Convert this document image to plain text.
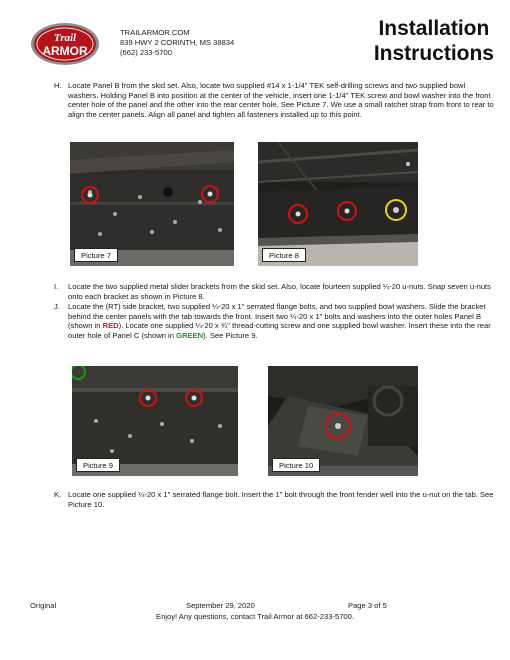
Trail
ARMOR
TRAILARMOR.COM
839 HWY 2 CORINTH, MS 38834
(662) 233-5700
Installation
Instructions
H. Locate Panel B from the skid set. Also, locate two supplied #14 x 1-1/4" TEK self-drilling screws and two supplied bowl washers. Holding Panel B into position at the center of the vehicle, insert one 1-1/4" TEK screw and bowl washer into the front center hole of the panel and the other into the rear center hole. See Picture 7. We use a small ratchet strap from front to rear to align the center panels. Align all panel and tighten all fasteners installed up to this point.
Picture 7	Picture 8
I. Locate the two supplied metal slider brackets from the skid set. Also, locate fourteen supplied ¼-20 u-nuts. Snap seven u-nuts onto each bracket as shown in Picture 8.
J. Locate the (RT) side bracket, two supplied ¼-20 x 1" serrated flange bolts, and two supplied bowl washers. Slide the bracket behind the center panels with the tab towards the front. Insert two ¼-20 x 1" bolts and washers into the outer holes Panel B (shown in RED). Locate one supplied ¼-20 x ¾" thread-cutting screw and one supplied bowl washer. Insert these into the rear outer hole of Panel C (shown in GREEN). See Picture 9.
Picture 9	Picture 10
K. Locate one supplied ¼-20 x 1" serrated flange bolt. Insert the 1" bolt through the front fender well into the u-nut on the tab. See Picture 10.
Original	September 29, 2020	Page 3 of 5
Enjoy! Any questions, contact Trail Armor at 662-233-5700.
